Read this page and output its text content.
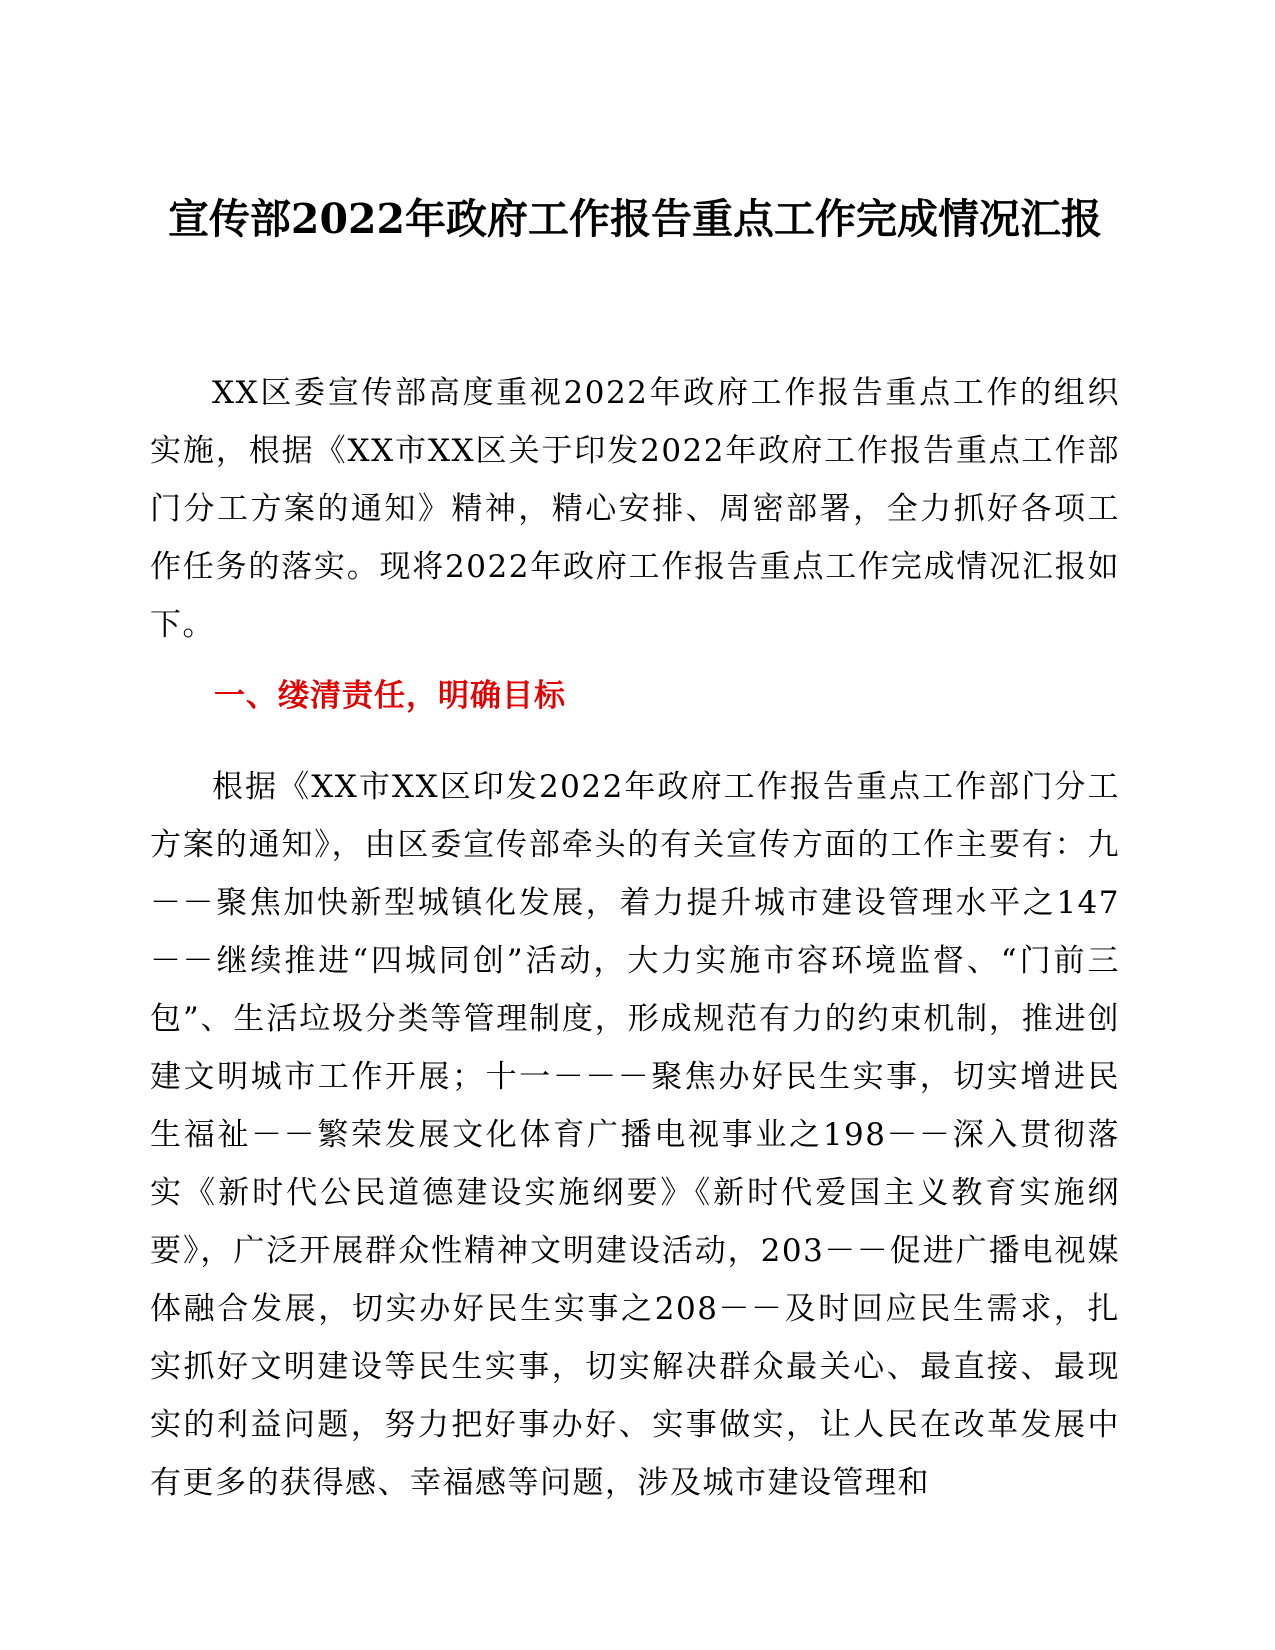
宣传部2022年政府工作报告重点工作完成情况汇报

XX区委宣传部高度重视2022年政府工作报告重点工作的组织实施，根据《XX市XX区关于印发2022年政府工作报告重点工作部门分工方案的通知》精神，精心安排、周密部署，全力抓好各项工作任务的落实。现将2022年政府工作报告重点工作完成情况汇报如下。

一、缕清责任，明确目标

根据《XX市XX区印发2022年政府工作报告重点工作部门分工方案的通知》，由区委宣传部牵头的有关宣传方面的工作主要有：九－－聚焦加快新型城镇化发展，着力提升城市建设管理水平之147－－继续推进“四城同创”活动，大力实施市容环境监督、“门前三包”、生活垃圾分类等管理制度，形成规范有力的约束机制，推进创建文明城市工作开展；十一－－－聚焦办好民生实事，切实增进民生福祉－－繁荣发展文化体育广播电视事业之198－－深入贯彻落实《新时代公民道德建设实施纲要》《新时代爱国主义教育实施纲要》，广泛开展群众性精神文明建设活动，203－－促进广播电视媒体融合发展，切实办好民生实事之208－－及时回应民生需求，扎实抓好文明建设等民生实事，切实解决群众最关心、最直接、最现实的利益问题，努力把好事办好、实事做实，让人民在改革发展中有更多的获得感、幸福感等问题，涉及城市建设管理和
